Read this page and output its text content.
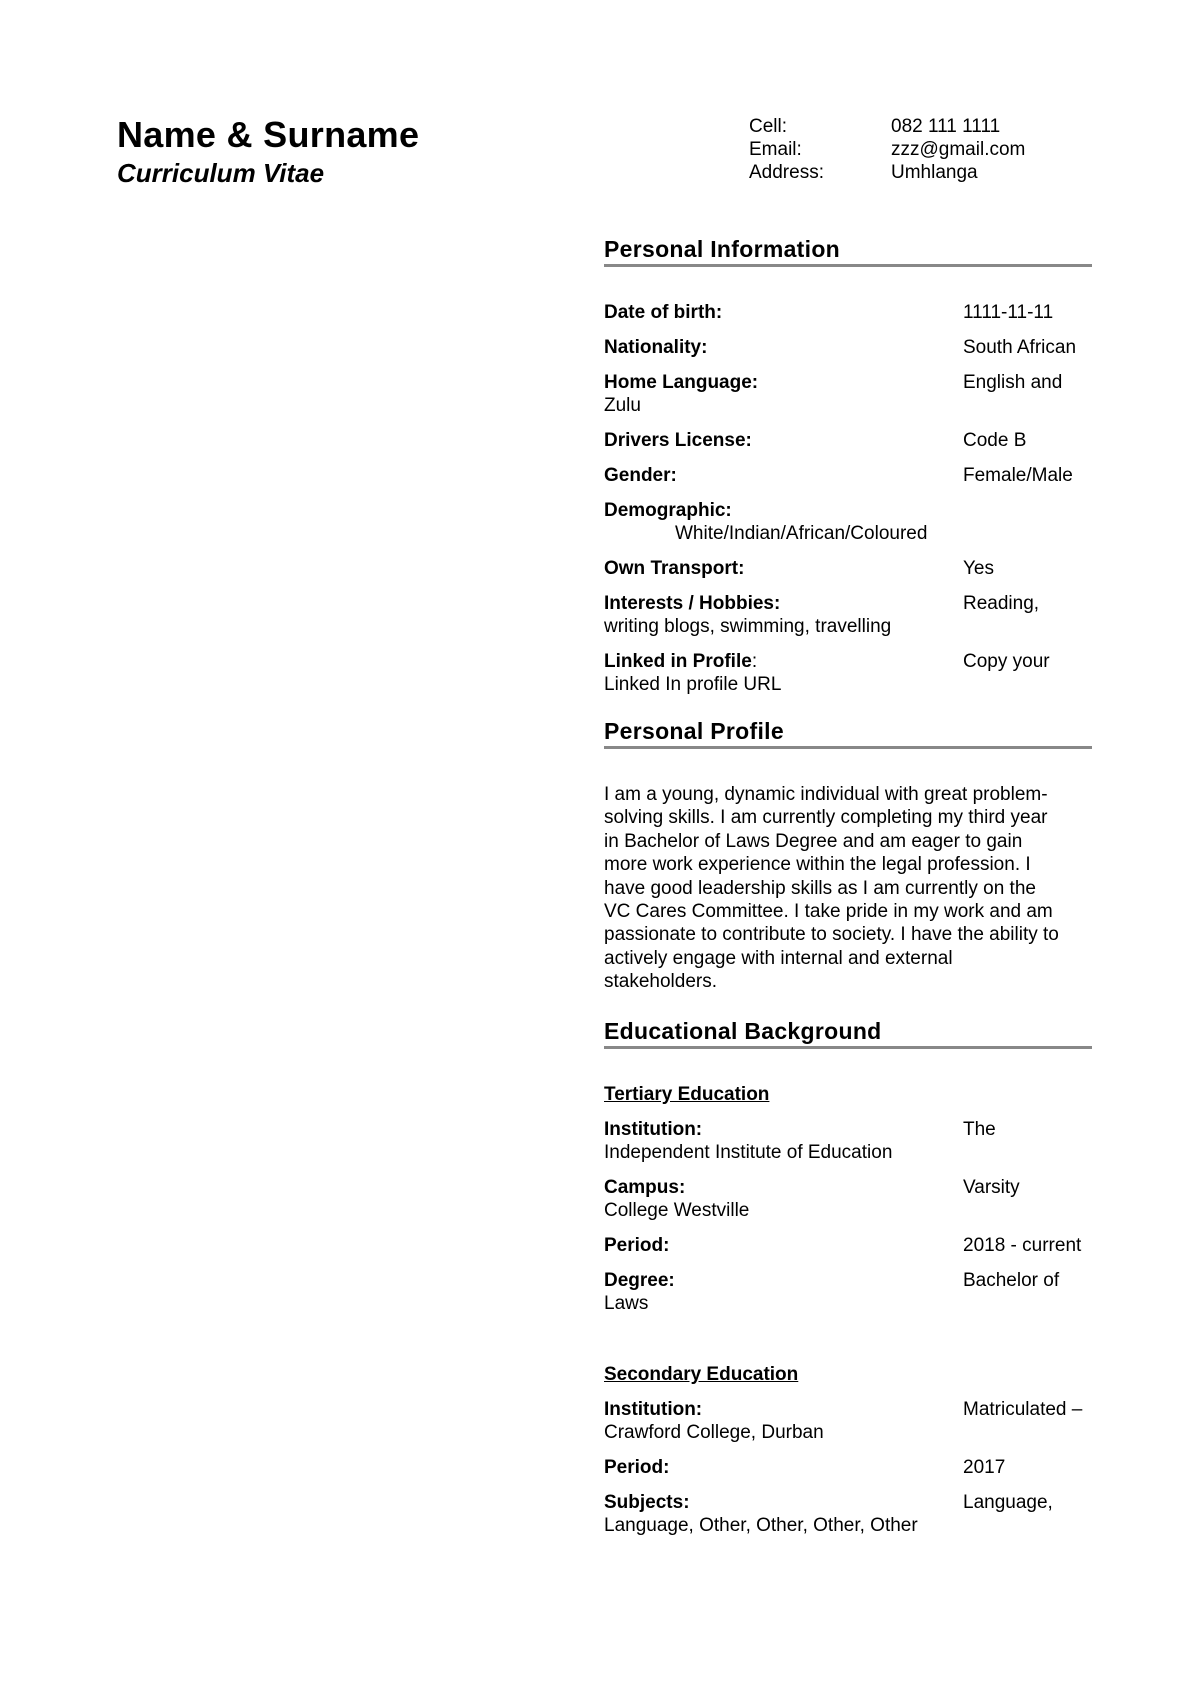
Name & Surname
Curriculum Vitae
Cell:	082 111 1111
Email:	zzz@gmail.com
Address:	Umhlanga
Personal Information
Date of birth:	1111-11-11
Nationality:	South African
Home Language:	English and
Zulu
Drivers License:	Code B
Gender:	Female/Male
Demographic:
White/Indian/African/Coloured
Own Transport:	Yes
Interests / Hobbies:	Reading,
writing blogs, swimming, travelling
Linked in Profile:	Copy your
Linked In profile URL
Personal Profile
I am a young, dynamic individual with great problem-
solving skills. I am currently completing my third year
in Bachelor of Laws Degree and am eager to gain
more work experience within the legal profession. I
have good leadership skills as I am currently on the
VC Cares Committee. I take pride in my work and am
passionate to contribute to society. I have the ability to
actively engage with internal and external
stakeholders.
Educational Background
Tertiary Education
Institution:	The
Independent Institute of Education
Campus:	Varsity
College Westville
Period:	2018 - current
Degree:	Bachelor of
Laws
Secondary Education
Institution:	Matriculated –
Crawford College, Durban
Period:	2017
Subjects:	Language,
Language, Other, Other, Other, Other
